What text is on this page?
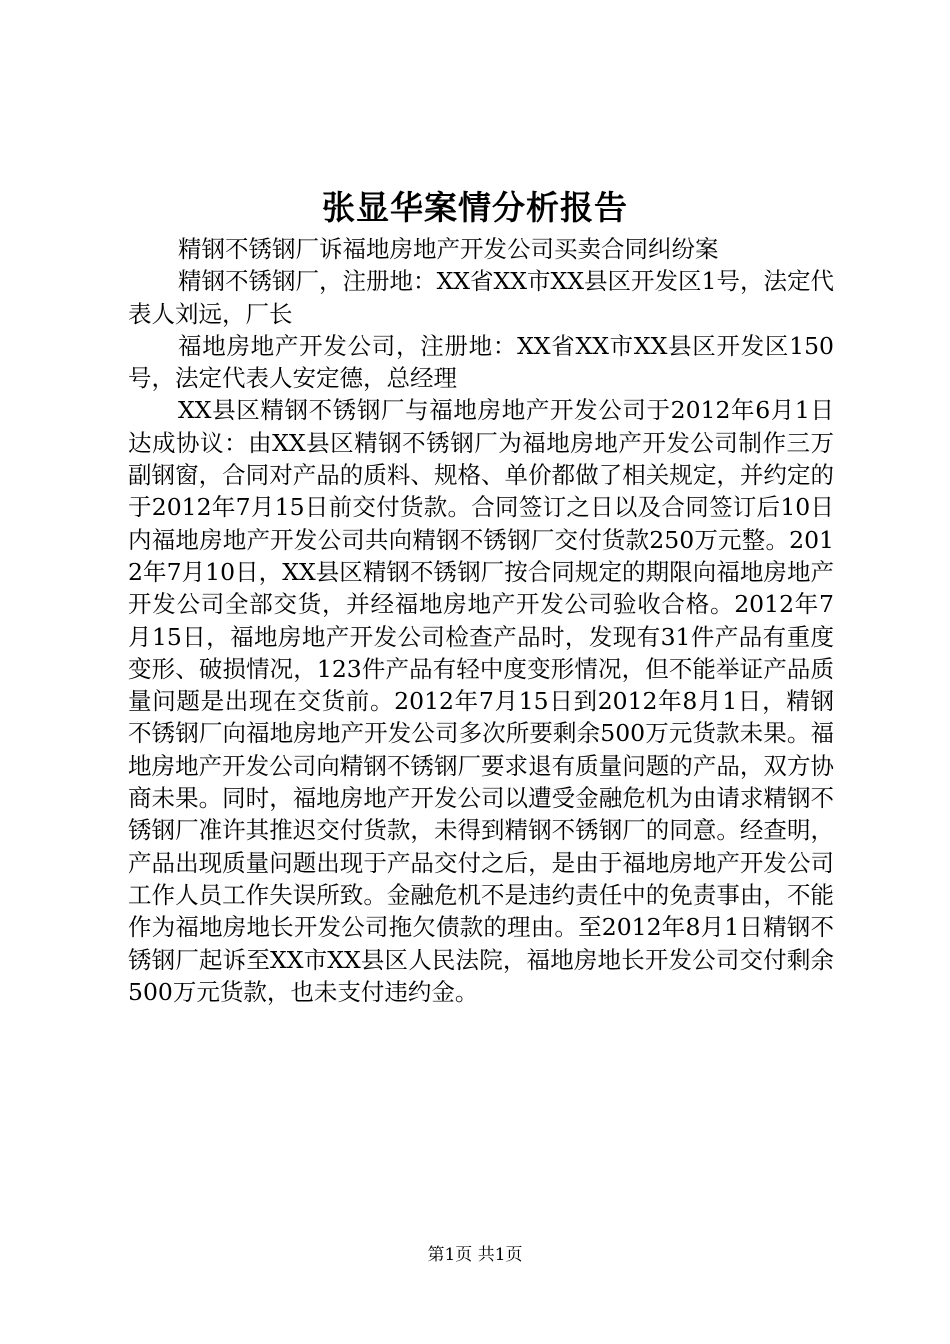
张显华案情分析报告

精钢不锈钢厂诉福地房地产开发公司买卖合同纠纷案

精钢不锈钢厂，注册地：XX省XX市XX县区开发区1号，法定代表人刘远，厂长

福地房地产开发公司，注册地：XX省XX市XX县区开发区150号，法定代表人安定德，总经理

XX县区精钢不锈钢厂与福地房地产开发公司于2012年6月1日达成协议：由XX县区精钢不锈钢厂为福地房地产开发公司制作三万副钢窗，合同对产品的质料、规格、单价都做了相关规定，并约定的于2012年7月15日前交付货款。合同签订之日以及合同签订后10日内福地房地产开发公司共向精钢不锈钢厂交付货款250万元整。2012年7月10日，XX县区精钢不锈钢厂按合同规定的期限向福地房地产开发公司全部交货，并经福地房地产开发公司验收合格。2012年7月15日，福地房地产开发公司检查产品时，发现有31件产品有重度变形、破损情况，123件产品有轻中度变形情况，但不能举证产品质量问题是出现在交货前。2012年7月15日到2012年8月1日，精钢不锈钢厂向福地房地产开发公司多次所要剩余500万元货款未果。福地房地产开发公司向精钢不锈钢厂要求退有质量问题的产品，双方协商未果。同时，福地房地产开发公司以遭受金融危机为由请求精钢不锈钢厂准许其推迟交付货款，未得到精钢不锈钢厂的同意。经查明，产品出现质量问题出现于产品交付之后，是由于福地房地产开发公司工作人员工作失误所致。金融危机不是违约责任中的免责事由，不能作为福地房地长开发公司拖欠债款的理由。至2012年8月1日精钢不锈钢厂起诉至XX市XX县区人民法院，福地房地长开发公司交付剩余500万元货款，也未支付违约金。

第1页 共1页
